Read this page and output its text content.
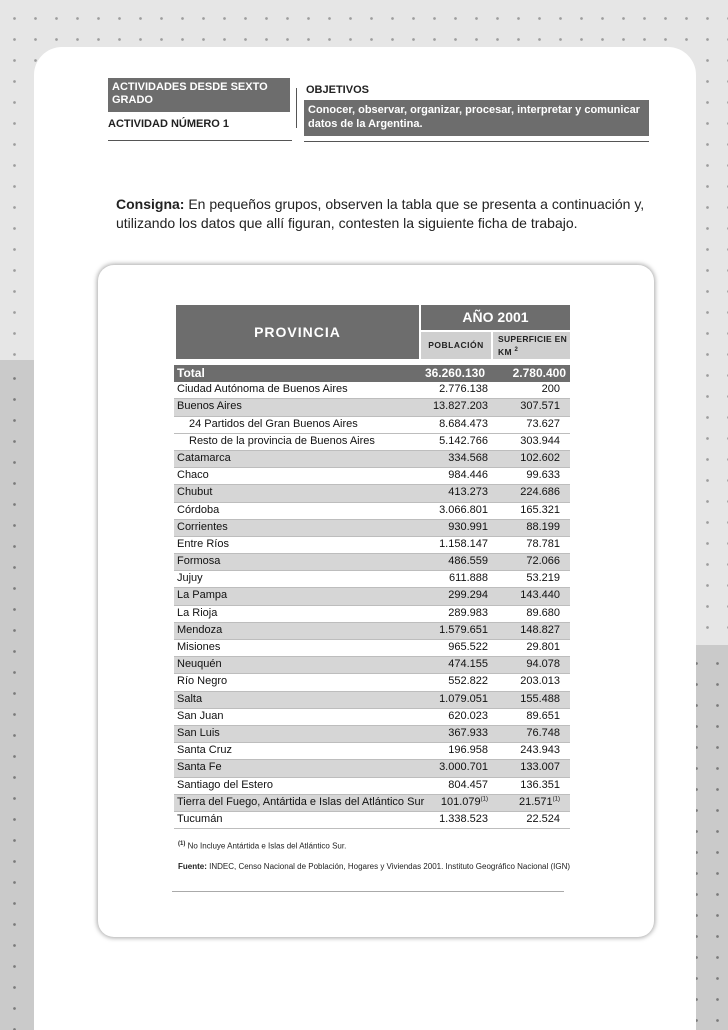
ACTIVIDADES DESDE SEXTO GRADO
ACTIVIDAD NÚMERO 1
OBJETIVOS
Conocer, observar, organizar, procesar, interpretar y comunicar datos de la Argentina.
Consigna: En pequeños grupos, observen la tabla que se presenta a continuación y, utilizando los datos que allí figuran, contesten la siguiente ficha de trabajo.
PROVINCIA
AÑO 2001
POBLACIÓN
SUPERFICIE EN KM $^2$
Total	36.260.130 2.780.400
Ciudad Autónoma de Buenos Aires	2.776.138	200
Buenos Aires	13.827.203	307.571
24 Partidos del Gran Buenos Aires	8.684.473	73.627
Resto de la provincia de Buenos Aires	5.142.766	303.944
Catamarca	334.568	102.602
Chaco	984.446	99.633
Chubut	413.273	224.686
Córdoba	3.066.801	165.321
Corrientes	930.991	88.199
Entre Ríos	1.158.147	78.781
Formosa	486.559	72.066
Jujuy	611.888	53.219
La Pampa	299.294	143.440
La Rioja	289.983	89.680
Mendoza	1.579.651	148.827
Misiones	965.522	29.801
Neuquén	474.155	94.078
Río Negro	552.822	203.013
Salta	1.079.051	155.488
San Juan	620.023	89.651
San Luis	367.933	76.748
Santa Cruz	196.958	243.943
Santa Fe	3.000.701	133.007
Santiago del Estero	804.457	136.351
Tierra del Fuego, Antártida e Islas del Atlántico Sur 101.079$^{(1)}$	21.571$^{(1)}$
Tucumán	1.338.523	22.524
$^{(1)}$ No Incluye Antártida e Islas del Atlántico Sur.
Fuente: INDEC, Censo Nacional de Población, Hogares y Viviendas 2001. Instituto Geográfico Nacional (IGN)
